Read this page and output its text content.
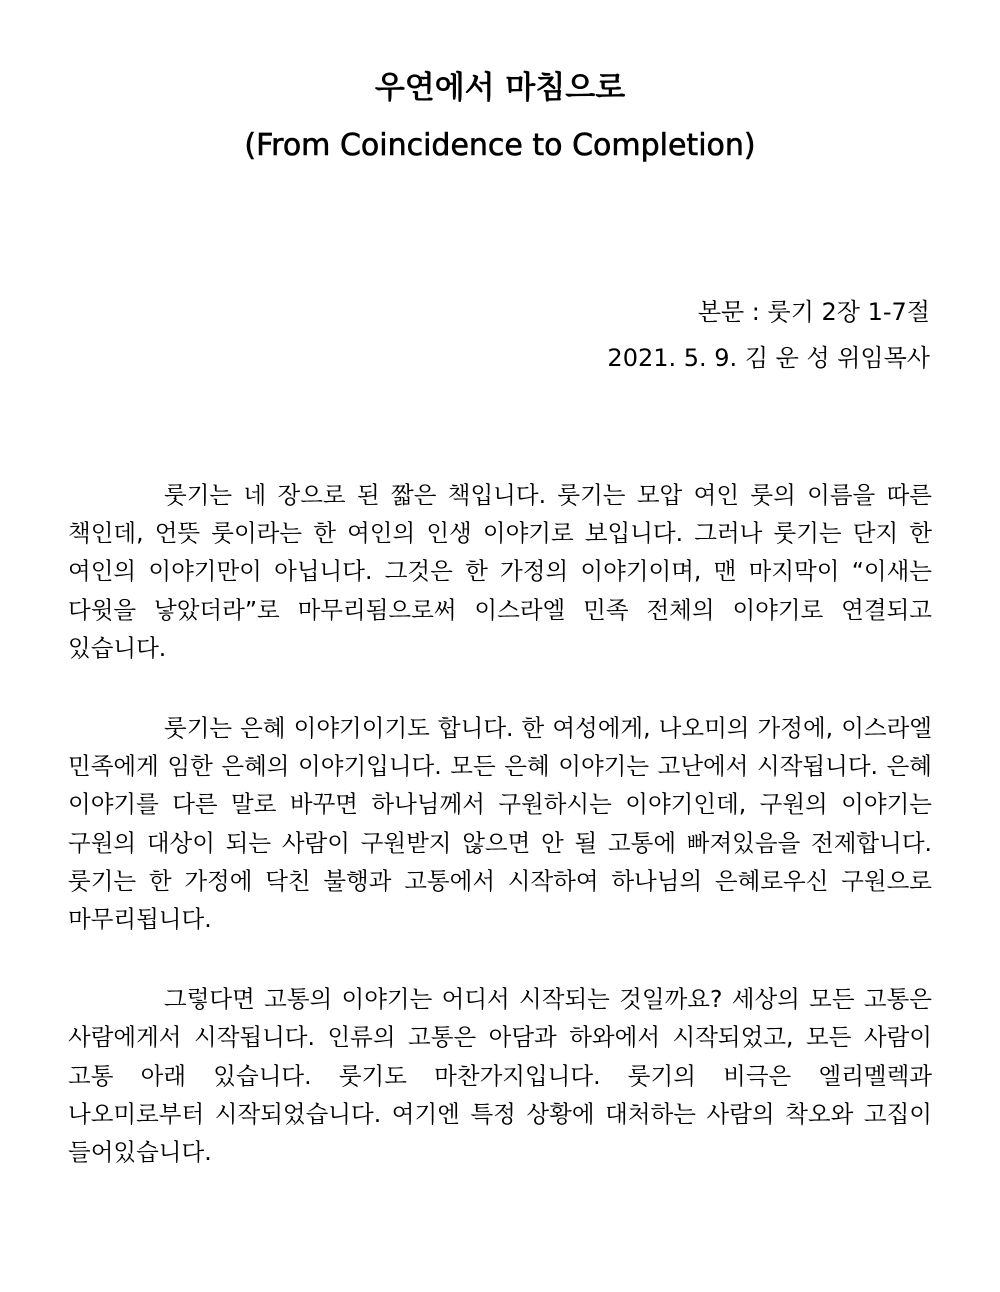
우연에서 마침으로
(From Coincidence to Completion)
본문 : 룻기 2장 1-7절
2021. 5. 9. 김 운 성 위임목사

룻기는 네 장으로 된 짧은 책입니다. 룻기는 모압 여인 룻의 이름을 따른 책인데, 언뜻 룻이라는 한 여인의 인생 이야기로 보입니다. 그러나 룻기는 단지 한 여인의 이야기만이 아닙니다. 그것은 한 가정의 이야기이며, 맨 마지막이 “이새는 다윗을 낳았더라”로 마무리됨으로써 이스라엘 민족 전체의 이야기로 연결되고 있습니다.

룻기는 은혜 이야기이기도 합니다. 한 여성에게, 나오미의 가정에, 이스라엘 민족에게 임한 은혜의 이야기입니다. 모든 은혜 이야기는 고난에서 시작됩니다. 은혜 이야기를 다른 말로 바꾸면 하나님께서 구원하시는 이야기인데, 구원의 이야기는 구원의 대상이 되는 사람이 구원받지 않으면 안 될 고통에 빠져있음을 전제합니다. 룻기는 한 가정에 닥친 불행과 고통에서 시작하여 하나님의 은혜로우신 구원으로 마무리됩니다.

그렇다면 고통의 이야기는 어디서 시작되는 것일까요? 세상의 모든 고통은 사람에게서 시작됩니다. 인류의 고통은 아담과 하와에서 시작되었고, 모든 사람이 고통 아래 있습니다. 룻기도 마찬가지입니다. 룻기의 비극은 엘리멜렉과 나오미로부터 시작되었습니다. 여기엔 특정 상황에 대처하는 사람의 착오와 고집이 들어있습니다.
